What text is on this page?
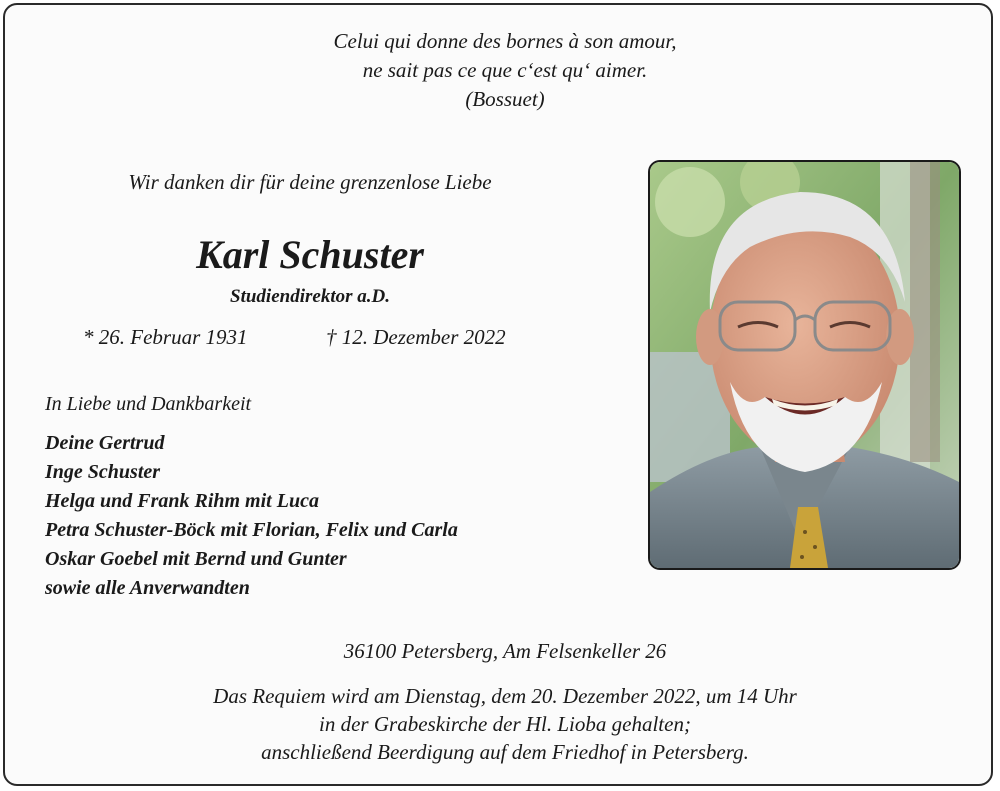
Celui qui donne des bornes à son amour,
ne sait pas ce que c‘est qu‘ aimer.
(Bossuet)
Wir danken dir für deine grenzenlose Liebe
Karl Schuster
Studiendirektor a.D.
* 26. Februar 1931	† 12. Dezember 2022
In Liebe und Dankbarkeit
Deine Gertrud
Inge Schuster
Helga und Frank Rihm mit Luca
Petra Schuster-Böck mit Florian, Felix und Carla
Oskar Goebel mit Bernd und Gunter
sowie alle Anverwandten
36100 Petersberg, Am Felsenkeller 26
Das Requiem wird am Dienstag, dem 20. Dezember 2022, um 14 Uhr
in der Grabeskirche der Hl. Lioba gehalten;
anschließend Beerdigung auf dem Friedhof in Petersberg.
